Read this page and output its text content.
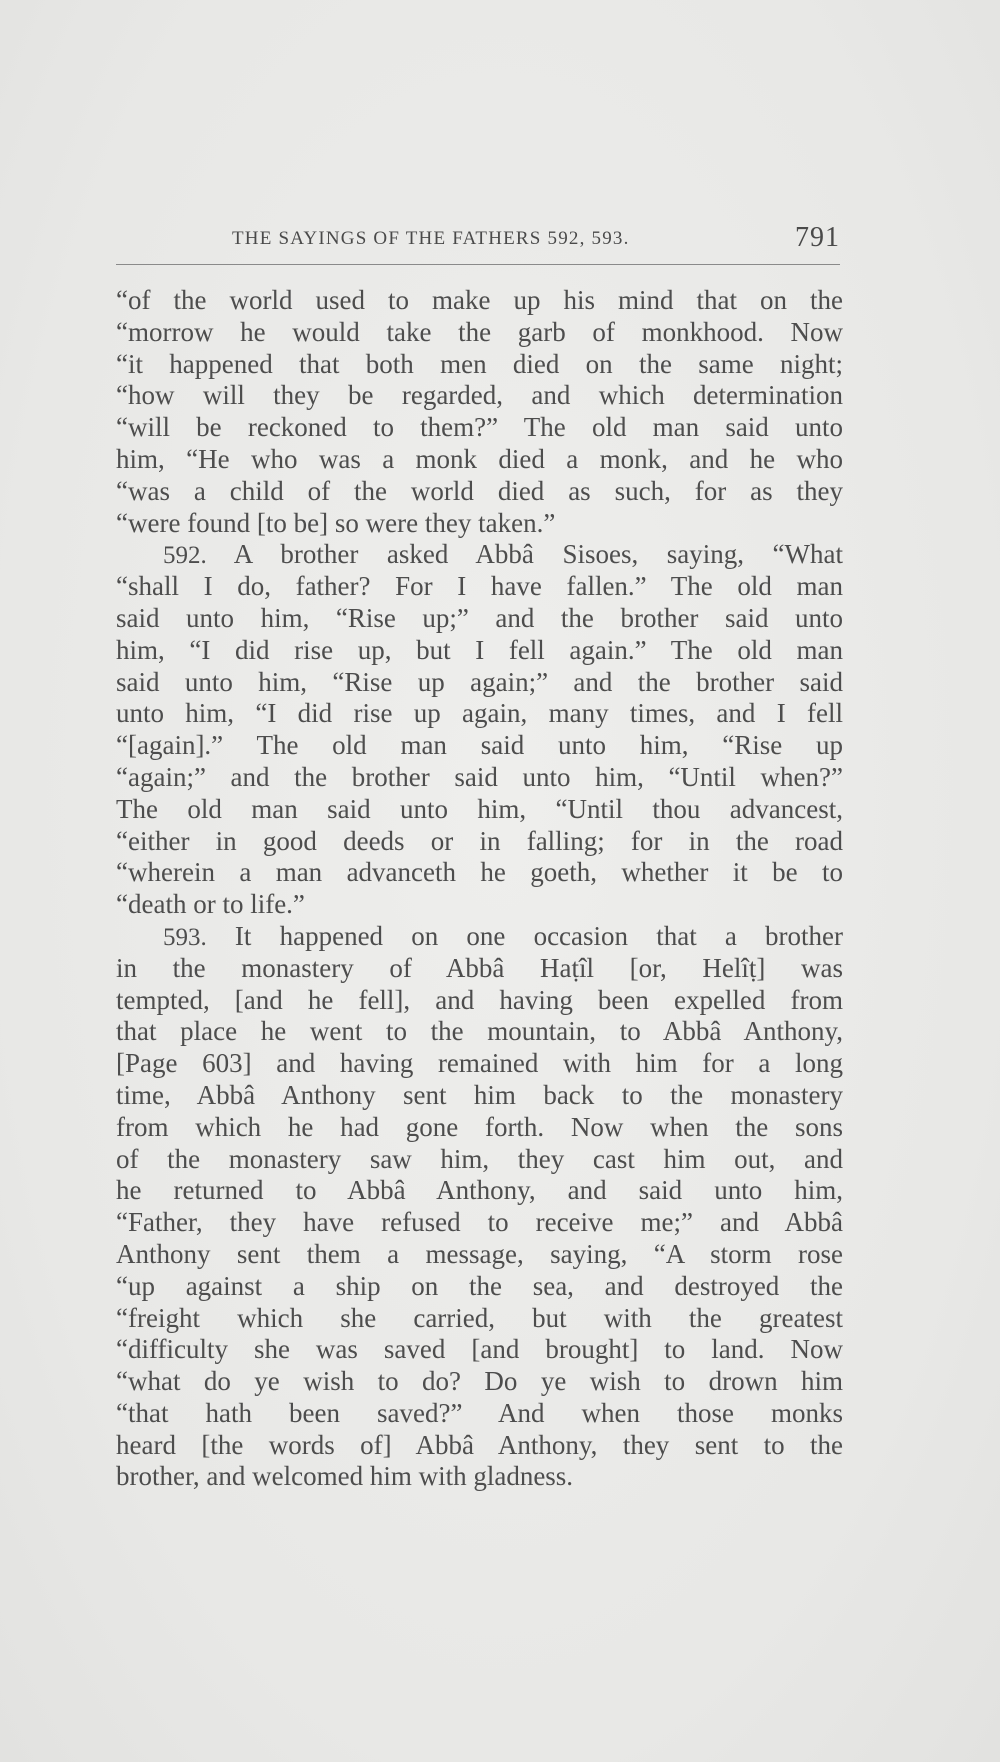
THE SAYINGS OF THE FATHERS 592, 593.	791
“of the world used to make up his mind that on the
“morrow he would take the garb of monkhood. Now
“it happened that both men died on the same night;
“how will they be regarded, and which determination
“will be reckoned to them?” The old man said unto
him, “He who was a monk died a monk, and he who
“was a child of the world died as such, for as they
“were found [to be] so were they taken.”
592. A brother asked Abbâ Sisoes, saying, “What
“shall I do, father? For I have fallen.” The old man
said unto him, “Rise up;” and the brother said unto
him, “I did rise up, but I fell again.” The old man
said unto him, “Rise up again;” and the brother said
unto him, “I did rise up again, many times, and I fell
“[again].” The old man said unto him, “Rise up
“again;” and the brother said unto him, “Until when?”
The old man said unto him, “Until thou advancest,
“either in good deeds or in falling; for in the road
“wherein a man advanceth he goeth, whether it be to
“death or to life.”
593. It happened on one occasion that a brother
in the monastery of Abbâ Haṭîl [or, Helîṭ] was
tempted, [and he fell], and having been expelled from
that place he went to the mountain, to Abbâ Anthony,
[Page 603] and having remained with him for a long
time, Abbâ Anthony sent him back to the monastery
from which he had gone forth. Now when the sons
of the monastery saw him, they cast him out, and
he returned to Abbâ Anthony, and said unto him,
“Father, they have refused to receive me;” and Abbâ
Anthony sent them a message, saying, “A storm rose
“up against a ship on the sea, and destroyed the
“freight which she carried, but with the greatest
“difficulty she was saved [and brought] to land. Now
“what do ye wish to do? Do ye wish to drown him
“that hath been saved?” And when those monks
heard [the words of] Abbâ Anthony, they sent to the
brother, and welcomed him with gladness.
